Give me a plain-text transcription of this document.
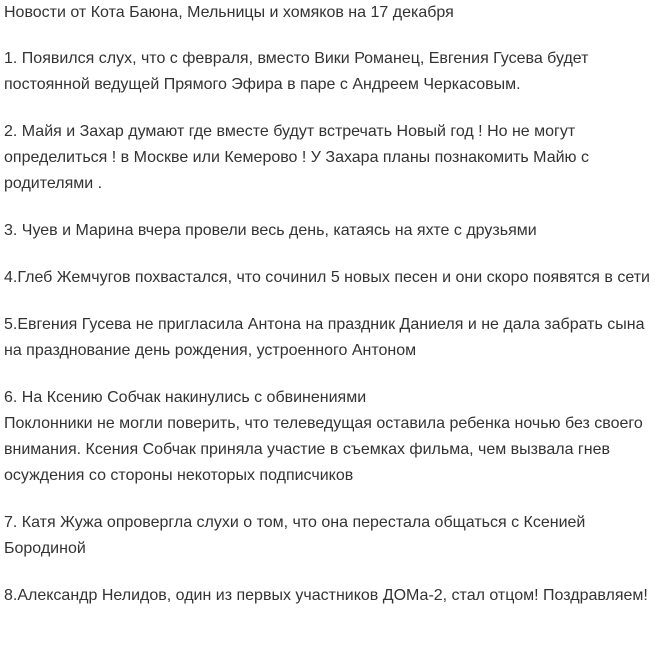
Новости от Кота Баюна, Мельницы и хомяков на 17 декабря

1. Появился слух, что с февраля, вместо Вики Романец, Евгения Гусева будет постоянной ведущей Прямого Эфира в паре с Андреем Черкасовым.

2. Майя и Захар думают где вместе будут встречать Новый год ! Но не могут определиться ! в Москве или Кемерово ! У Захара планы познакомить Майю с родителями .

3. Чуев и Марина вчера провели весь день, катаясь на яхте с друзьями

4.Глеб Жемчугов похвастался, что сочинил 5 новых песен и они скоро появятся в сети

5.Евгения Гусева не пригласила Антона на праздник Даниеля и не дала забрать сына на празднование день рождения, устроенного Антоном

6. На Ксению Собчак накинулись с обвинениями
Поклонники не могли поверить, что телеведущая оставила ребенка ночью без своего внимания. Ксения Собчак приняла участие в съемках фильма, чем вызвала гнев осуждения со стороны некоторых подписчиков

7. Катя Жужа опровергла слухи о том, что она перестала общаться с Ксенией Бородиной

8.Александр Нелидов, один из первых участников ДОМа-2, стал отцом! Поздравляем!
